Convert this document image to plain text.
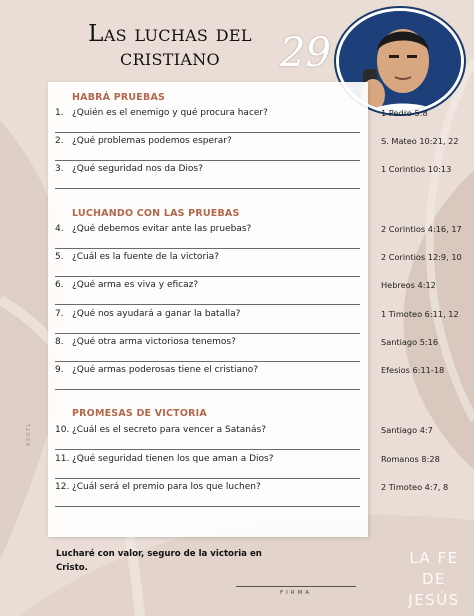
Las luchas del cristiano	29
ASOTL
HABRÁ PRUEBAS
1. ¿Quién es el enemigo y qué procura hacer?	1 Pedro 5:8
2. ¿Qué problemas podemos esperar?	S. Mateo 10:21, 22
3. ¿Qué seguridad nos da Dios?	1 Corintios 10:13
LUCHANDO CON LAS PRUEBAS
4. ¿Qué debemos evitar ante las pruebas?	2 Corintios 4:16, 17
5. ¿Cuál es la fuente de la victoria?	2 Corintios 12:9, 10
6. ¿Qué arma es viva y eficaz?	Hebreos 4:12
7. ¿Qué nos ayudará a ganar la batalla?	1 Timoteo 6:11, 12
8. ¿Qué otra arma victoriosa tenemos?	Santiago 5:16
9. ¿Qué armas poderosas tiene el cristiano?	Efesios 6:11-18
PROMESAS DE VICTORIA
10. ¿Cuál es el secreto para vencer a Satanás?	Santiago 4:7
11. ¿Qué seguridad tienen los que aman a Dios?	Romanos 8:28
12. ¿Cuál será el premio para los que luchen?	2 Timoteo 4:7, 8
Lucharé con valor, seguro de la victoria en Cristo.
FIRMA
LA FE
DE JESÚS
